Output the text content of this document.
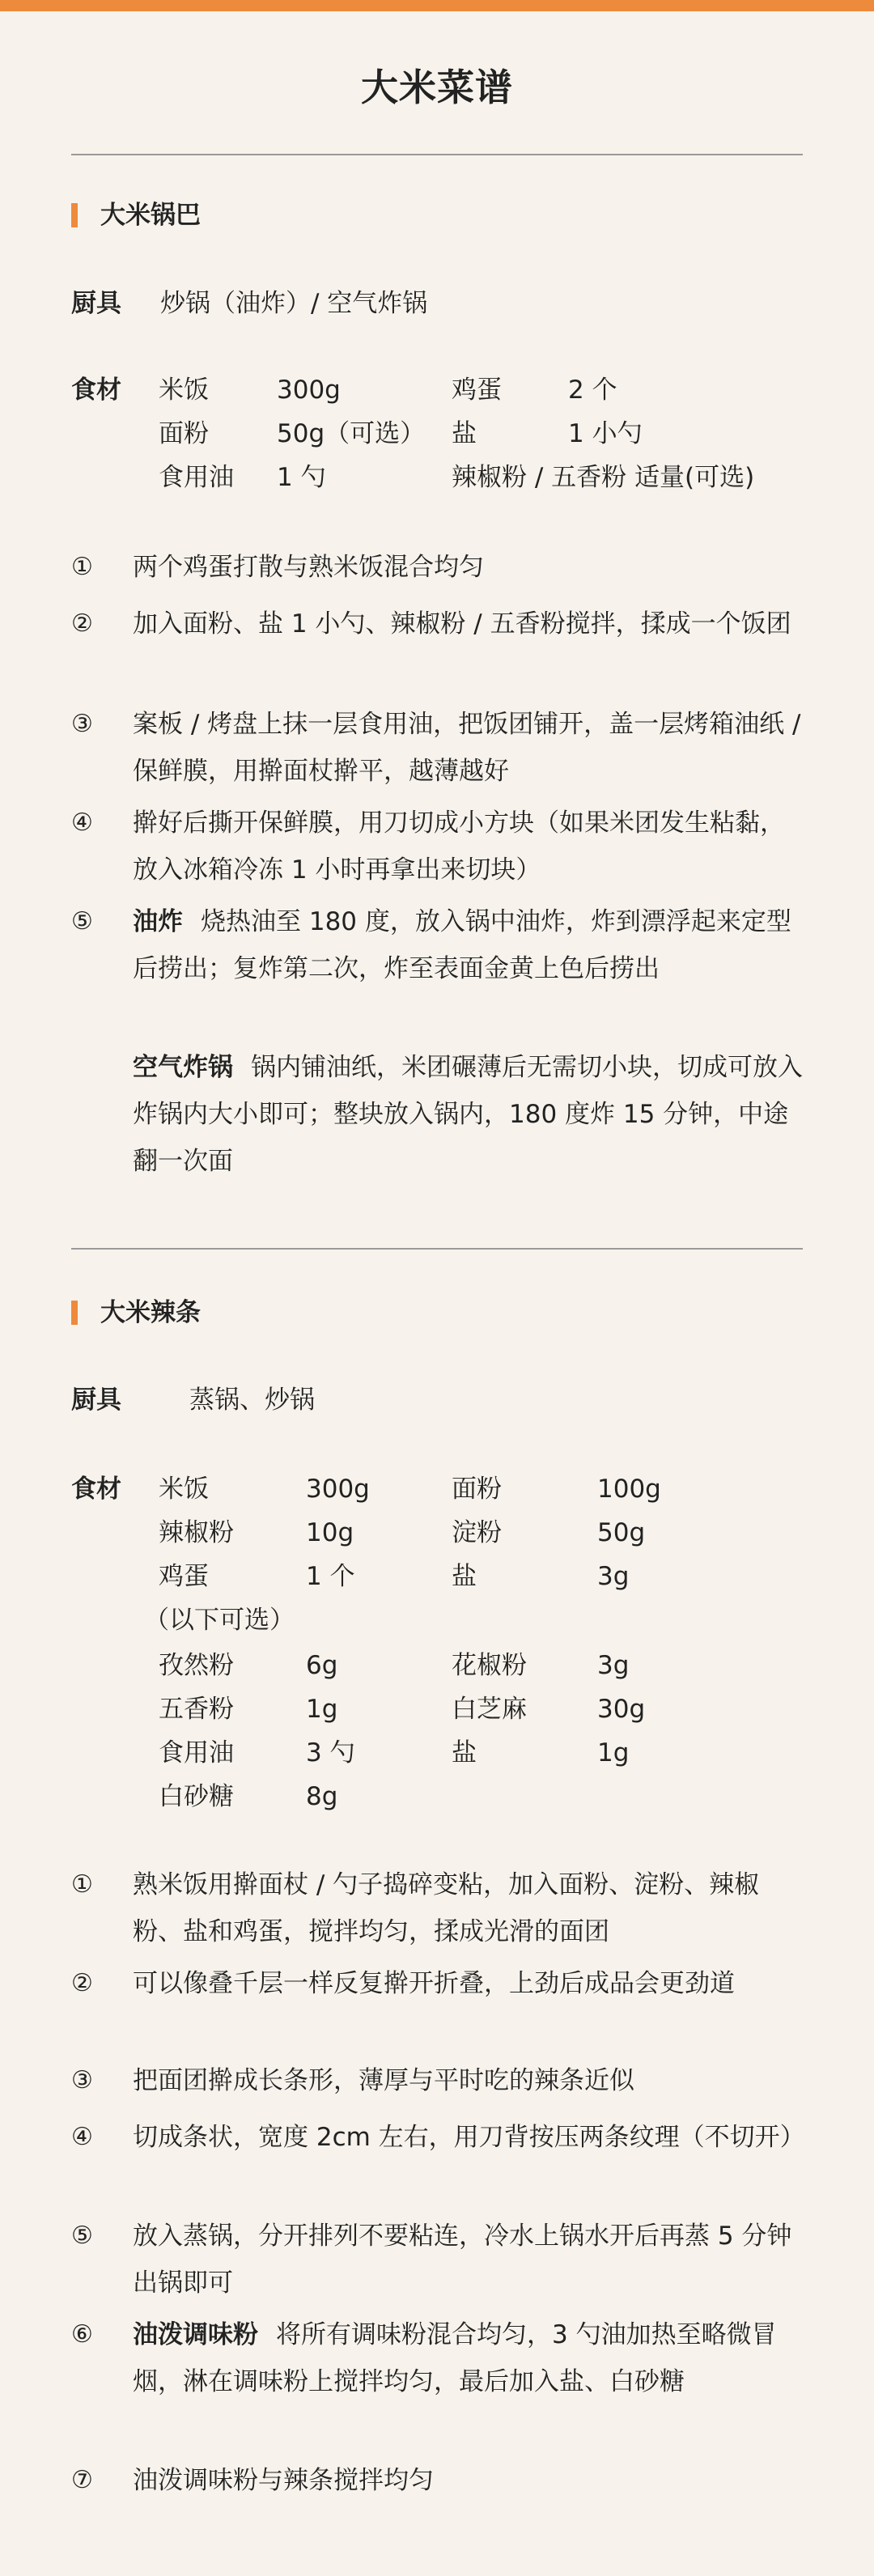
大米菜谱
大米锅巴
厨具 炒锅（油炸）/ 空气炸锅
食材 米饭	300g	鸡蛋	2 个
面粉	50g（可选） 盐	1 小勺
食用油 1 勺	辣椒粉 / 五香粉 适量(可选)
① 两个鸡蛋打散与熟米饭混合均匀
② 加入面粉、盐 1 小勺、辣椒粉 / 五香粉搅拌，揉成一个饭团
③ 案板 / 烤盘上抹一层食用油，把饭团铺开，盖一层烤箱油纸 / 保鲜膜，用擀面杖擀平，越薄越好
④ 擀好后撕开保鲜膜，用刀切成小方块（如果米团发生粘黏，放入冰箱冷冻 1 小时再拿出来切块）
⑤ 油炸 烧热油至 180 度，放入锅中油炸，炸到漂浮起来定型后捞出；复炸第二次，炸至表面金黄上色后捞出
空气炸锅 锅内铺油纸，米团碾薄后无需切小块，切成可放入炸锅内大小即可；整块放入锅内，180 度炸 15 分钟，中途翻一次面
大米辣条
厨具	蒸锅、炒锅
食材 米饭	300g	面粉	100g
辣椒粉	10g	淀粉	50g
鸡蛋	1 个	盐	3g
（以下可选）
孜然粉	6g	花椒粉	3g
五香粉	1g	白芝麻	30g
食用油	3 勺	盐	1g
白砂糖	8g
① 熟米饭用擀面杖 / 勺子捣碎变粘，加入面粉、淀粉、辣椒粉、盐和鸡蛋，搅拌均匀，揉成光滑的面团
② 可以像叠千层一样反复擀开折叠，上劲后成品会更劲道
③ 把面团擀成长条形，薄厚与平时吃的辣条近似
④ 切成条状，宽度 2cm 左右，用刀背按压两条纹理（不切开）
⑤ 放入蒸锅，分开排列不要粘连，冷水上锅水开后再蒸 5 分钟出锅即可
⑥ 油泼调味粉 将所有调味粉混合均匀，3 勺油加热至略微冒烟，淋在调味粉上搅拌均匀，最后加入盐、白砂糖
⑦ 油泼调味粉与辣条搅拌均匀
